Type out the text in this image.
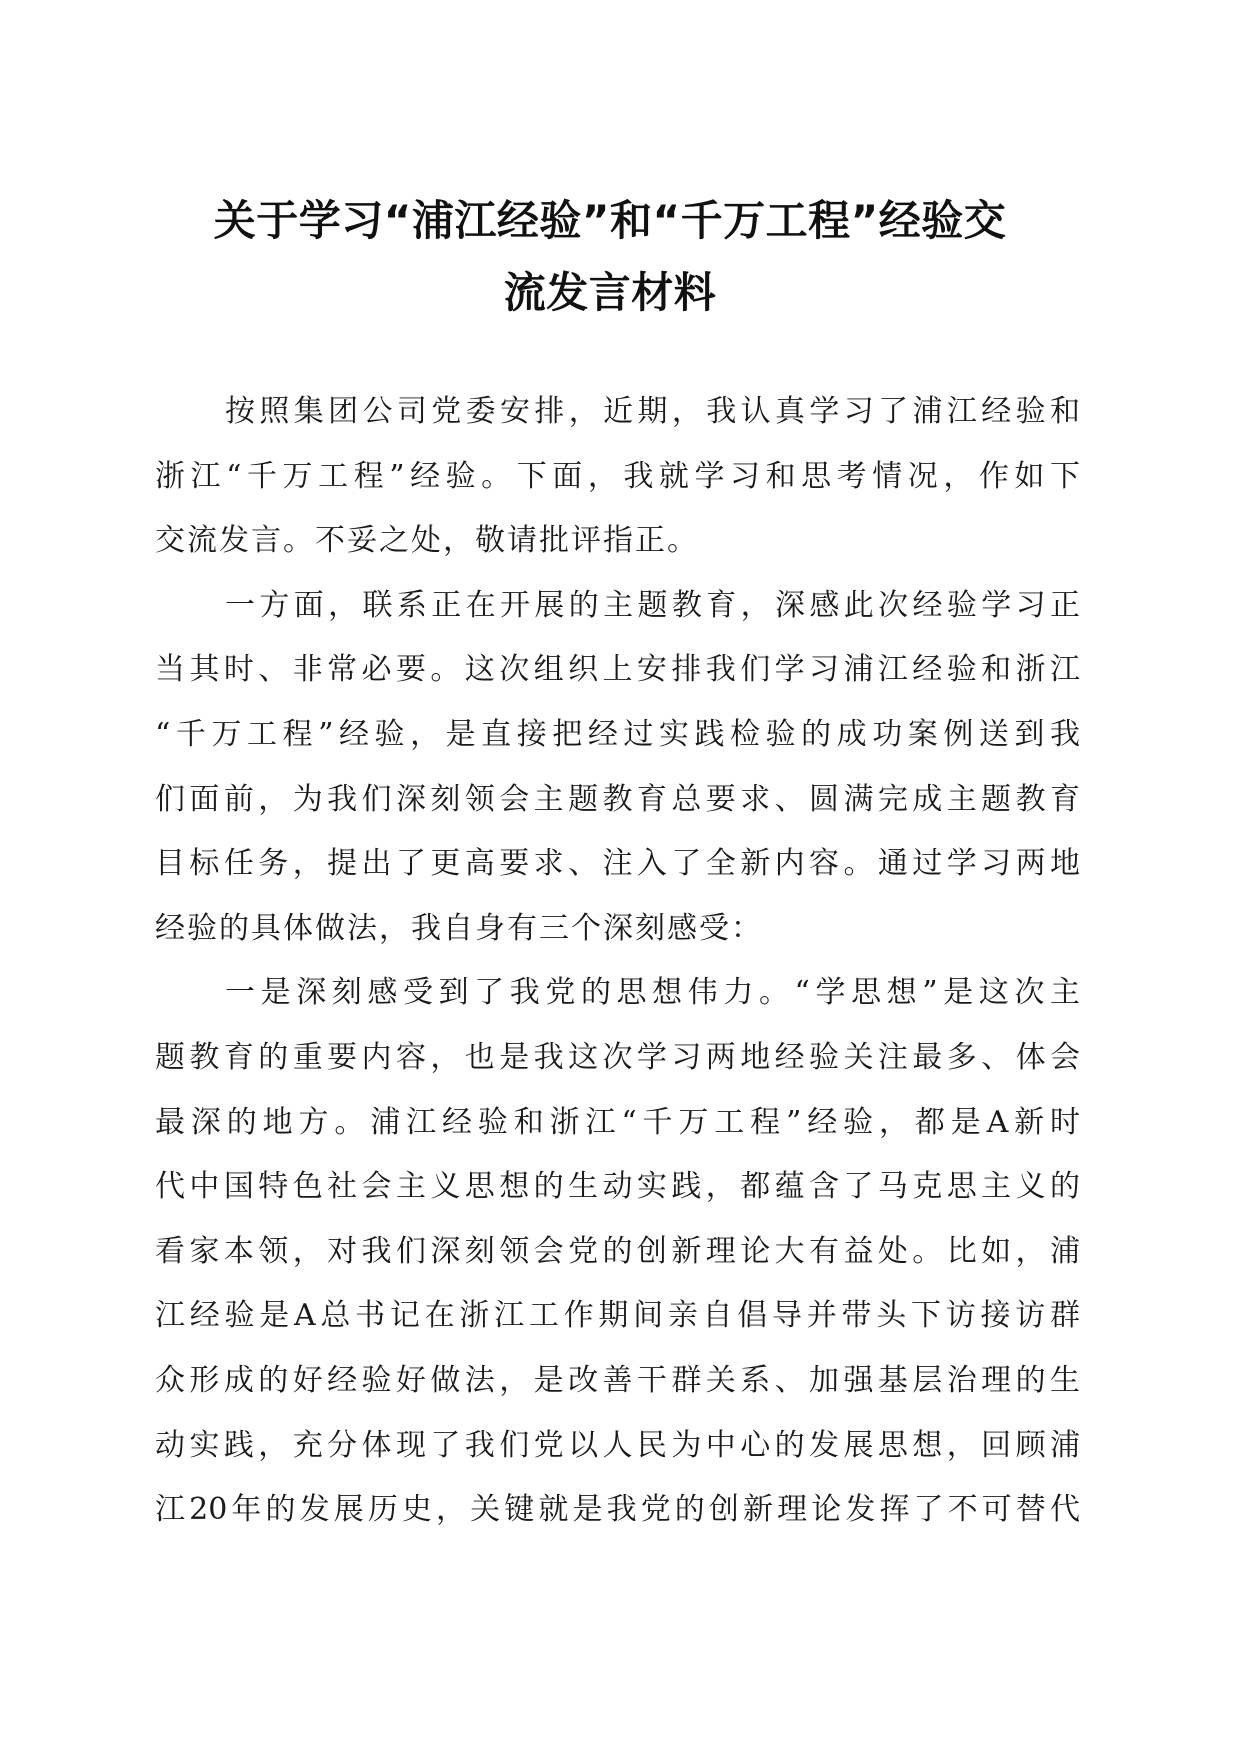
关于学习“浦江经验”和“千万工程”经验交
流发言材料
按照集团公司党委安排，近期，我认真学习了浦江经验和
浙江“千万工程”经验。下面，我就学习和思考情况，作如下
交流发言。不妥之处，敬请批评指正。
一方面，联系正在开展的主题教育，深感此次经验学习正
当其时、非常必要。这次组织上安排我们学习浦江经验和浙江
“千万工程”经验，是直接把经过实践检验的成功案例送到我
们面前，为我们深刻领会主题教育总要求、圆满完成主题教育
目标任务，提出了更高要求、注入了全新内容。通过学习两地
经验的具体做法，我自身有三个深刻感受：
一是深刻感受到了我党的思想伟力。“学思想”是这次主
题教育的重要内容，也是我这次学习两地经验关注最多、体会
最深的地方。浦江经验和浙江“千万工程”经验，都是A新时
代中国特色社会主义思想的生动实践，都蕴含了马克思主义的
看家本领，对我们深刻领会党的创新理论大有益处。比如，浦
江经验是A总书记在浙江工作期间亲自倡导并带头下访接访群
众形成的好经验好做法，是改善干群关系、加强基层治理的生
动实践，充分体现了我们党以人民为中心的发展思想，回顾浦
江20年的发展历史，关键就是我党的创新理论发挥了不可替代
